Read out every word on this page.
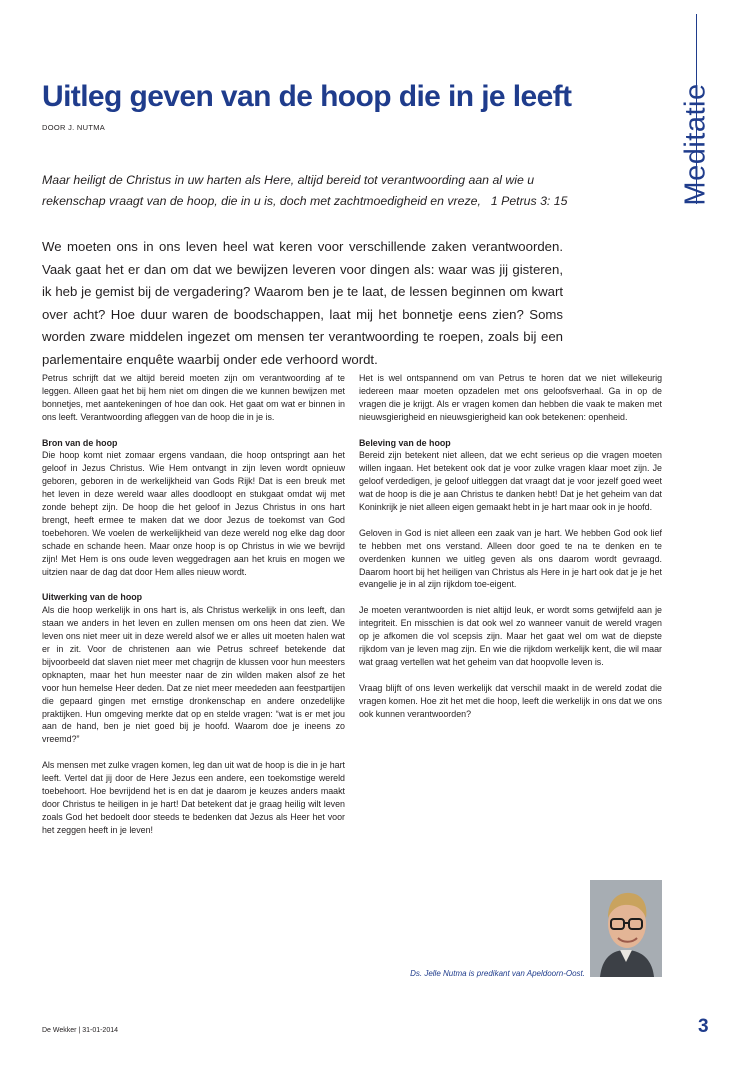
Meditatie
Uitleg geven van de hoop die in je leeft
DOOR J. NUTMA
Maar heiligt de Christus in uw harten als Here, altijd bereid tot verantwoording aan al wie u rekenschap vraagt van de hoop, die in u is, doch met zachtmoedigheid en vreze, 1 Petrus 3: 15
We moeten ons in ons leven heel wat keren voor verschillende zaken verantwoorden. Vaak gaat het er dan om dat we bewijzen leveren voor dingen als: waar was jij gisteren, ik heb je gemist bij de vergadering? Waarom ben je te laat, de lessen beginnen om kwart over acht? Hoe duur waren de boodschappen, laat mij het bonnetje eens zien? Soms worden zware middelen ingezet om mensen ter verantwoording te roepen, zoals bij een parlementaire enquête waarbij onder ede verhoord wordt.

Petrus schrijft dat we altijd bereid moeten zijn om verantwoording af te leggen. Alleen gaat het bij hem niet om dingen die we kunnen bewijzen met bonnetjes, met aantekeningen of hoe dan ook. Het gaat om wat er binnen in ons leeft. Verantwoording afleggen van de hoop die in je is.

Bron van de hoop

Die hoop komt niet zomaar ergens vandaan, die hoop ontspringt aan het geloof in Jezus Christus. Wie Hem ontvangt in zijn leven wordt opnieuw geboren, geboren in de werkelijkheid van Gods Rijk! Dat is een breuk met het leven in deze wereld waar alles doodloopt en stukgaat omdat wij met zonde behept zijn. De hoop die het geloof in Jezus Christus in ons hart brengt, heeft ermee te maken dat we door Jezus de toekomst van God toebehoren. We voelen de werkelijkheid van deze wereld nog elke dag door schade en schande heen. Maar onze hoop is op Christus in wie we bevrijd zijn! Met Hem is ons oude leven weggedragen aan het kruis en mogen we uitzien naar de dag dat door Hem alles nieuw wordt.

Uitwerking van de hoop

Als die hoop werkelijk in ons hart is, als Christus werkelijk in ons leeft, dan staan we anders in het leven en zullen mensen om ons heen dat zien. We leven ons niet meer uit in deze wereld alsof we er alles uit moeten halen wat er in zit. Voor de christenen aan wie Petrus schreef betekende dat bijvoorbeeld dat slaven niet meer met chagrijn de klussen voor hun meesters opknapten, maar het hun meester naar de zin wilden maken alsof ze het voor hun hemelse Heer deden. Dat ze niet meer meededen aan feestpartijen die gepaard gingen met ernstige dronkenschap en andere onzedelijke praktijken. Hun omgeving merkte dat op en stelde vragen: “wat is er met jou aan de hand, ben je niet goed bij je hoofd. Waarom doe je ineens zo vreemd?”

Als mensen met zulke vragen komen, leg dan uit wat de hoop is die in je hart leeft. Vertel dat jij door de Here Jezus een andere, een toekomstige wereld toebehoort. Hoe bevrijdend het is en dat je daarom je keuzes anders maakt door Christus te heiligen in je hart! Dat betekent dat je graag heilig wilt leven zoals God het bedoelt door steeds te bedenken dat Jezus als Heer het voor het zeggen heeft in je leven!

Het is wel ontspannend om van Petrus te horen dat we niet willekeurig iedereen maar moeten opzadelen met ons geloofsverhaal. Ga in op de vragen die je krijgt. Als er vragen komen dan hebben die vaak te maken met nieuwsgierigheid en nieuwsgierigheid kan ook betekenen: openheid.

Beleving van de hoop

Bereid zijn betekent niet alleen, dat we echt serieus op die vragen moeten willen ingaan. Het betekent ook dat je voor zulke vragen klaar moet zijn. Je geloof verdedigen, je geloof uitleggen dat vraagt dat je voor jezelf goed weet wat de hoop is die je aan Christus te danken hebt! Dat je het geheim van dat Koninkrijk je niet alleen eigen gemaakt hebt in je hart maar ook in je hoofd.

Geloven in God is niet alleen een zaak van je hart. We hebben God ook lief te hebben met ons verstand. Alleen door goed te na te denken en te overdenken kunnen we uitleg geven als ons daarom wordt gevraagd. Daarom hoort bij het heiligen van Christus als Here in je hart ook dat je je het evangelie je in al zijn rijkdom toe-eigent.

Je moeten verantwoorden is niet altijd leuk, er wordt soms getwijfeld aan je integriteit. En misschien is dat ook wel zo wanneer vanuit de wereld vragen op je afkomen die vol scepsis zijn. Maar het gaat wel om wat de diepste rijkdom van je leven mag zijn. En wie die rijkdom werkelijk kent, die wil maar wat graag vertellen wat het geheim van dat hoopvolle leven is.

Vraag blijft of ons leven werkelijk dat verschil maakt in de wereld zodat die vragen komen. Hoe zit het met die hoop, leeft die werkelijk in ons dat we ons ook kunnen verantwoorden?

Ds. Jelle Nutma is predikant van Apeldoorn-Oost.
De Wekker | 31-01-2014	3
